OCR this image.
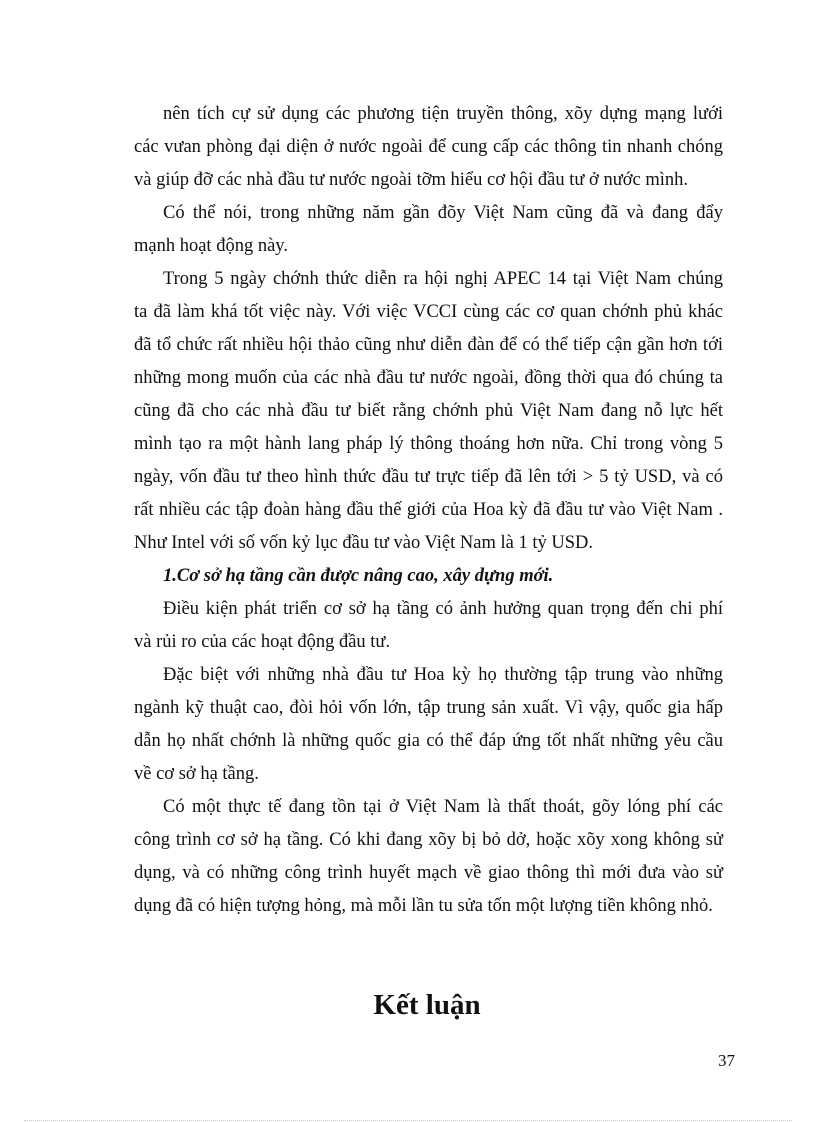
nên tích cự sử dụng các phương tiện truyền thông, xõy dựng mạng lưới
các vưan phòng đại diện ở nước ngoài để cung cấp các thông tin nhanh chóng
và giúp đỡ các nhà đầu tư nước ngoài tỡm hiểu cơ hội đầu tư ở nước mình.
Có thể nói, trong những năm gần đõy Việt Nam cũng đã và đang đẩy
mạnh hoạt động này.
Trong 5 ngày chớnh thức diễn ra hội nghị APEC 14 tại Việt Nam chúng
ta đã làm khá tốt việc này. Với việc VCCI cùng các cơ quan chớnh phủ khác
đã tổ chức rất nhiều hội thảo cũng như diễn đàn để có thể tiếp cận gần hơn tới
những mong muốn của các nhà đầu tư nước ngoài, đồng thời qua đó chúng ta
cũng đã cho các nhà đầu tư biết rằng chớnh phủ Việt Nam đang nỗ lực hết
mình tạo ra một hành lang pháp lý thông thoáng hơn nữa. Chỉ trong vòng 5
ngày, vốn đầu tư theo hình thức đầu tư trực tiếp đã lên tới > 5 tỷ USD, và có
rất nhiều các tập đoàn hàng đầu thế giới của Hoa kỳ đã đầu tư vào Việt Nam .
Như Intel với số vốn kỷ lục đầu tư vào Việt Nam là 1 tỷ USD.
1.Cơ sở hạ tầng cần được nâng cao, xây dựng mới.
Điều kiện phát triển cơ sở hạ tầng có ảnh hưởng quan trọng đến chi phí
và rủi ro của các hoạt động đầu tư.
Đặc biệt với những nhà đầu tư Hoa kỳ họ thường tập trung vào những
ngành kỹ thuật cao, đòi hỏi vốn lớn, tập trung sản xuất. Vì vậy, quốc gia hấp
dẫn họ nhất chớnh là những quốc gia có thể đáp ứng tốt nhất những yêu cầu
về cơ sở hạ tầng.
Có một thực tế đang tồn tại ở Việt Nam là thất thoát, gõy lóng phí các
công trình cơ sở hạ tầng. Có khi đang xõy bị bỏ dở, hoặc xõy xong không sử
dụng, và có những công trình huyết mạch về giao thông thì mới đưa vào sử
dụng đã có hiện tượng hỏng, mà mỗi lần tu sửa tốn một lượng tiền không nhỏ.
Kết luận
37
